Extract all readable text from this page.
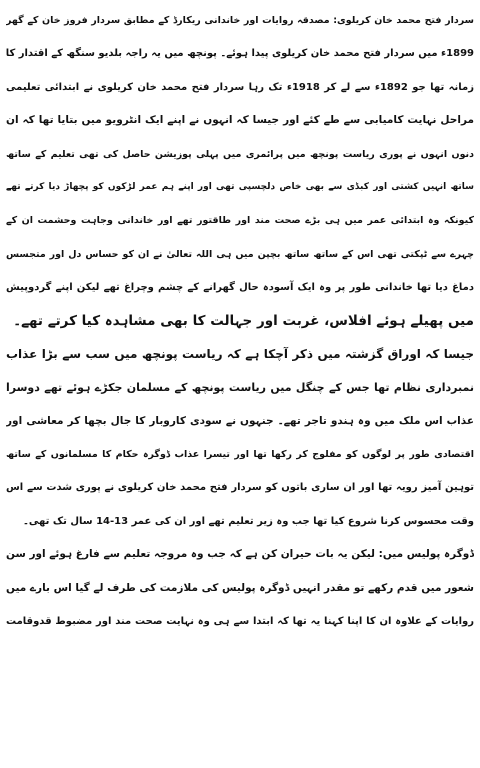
سردار فتح محمد خان کریلوی: مصدقہ روایات اور خاندانی ریکارڈ کے مطابق سردار فروز خان کے گھر
1899ء میں سردار فتح محمد خان کریلوی پیدا ہوئے۔ پونچھ میں یہ راجہ بلدیو سنگھ کے اقتدار کا
زمانہ تھا جو 1892ء سے لے کر 1918ء تک رہا سردار فتح محمد خان کریلوی نے ابتدائی تعلیمی
مراحل نہایت کامیابی سے طے کئے اور جیسا کہ انہوں نے اپنے ایک انٹرویو میں بتایا تھا کہ ان
دنوں انہوں نے پوری ریاست پونچھ میں پرائمری میں پہلی پوزیشن حاصل کی تھی تعلیم کے ساتھ
ساتھ انہیں کشتی اور کبڈی سے بھی خاص دلچسپی تھی اور اپنے ہم عمر لڑکوں کو پچھاڑ دیا کرتے تھے
کیونکہ وہ ابتدائی عمر میں ہی بڑے صحت مند اور طاقتور تھے اور خاندانی وجاہت وحشمت ان کے
چہرے سے ٹپکتی تھی اس کے ساتھ ساتھ بچپن میں ہی اللہ تعالیٰ نے ان کو حساس دل اور متجسس
دماغ دیا تھا خاندانی طور پر وہ ایک آسودہ حال گھرانے کے چشم وچراغ تھے لیکن اپنے گردوپیش
میں پھیلے ہوئے افلاس، غربت اور جہالت کا بھی مشاہدہ کیا کرتے تھے۔
جیسا کہ اوراق گزشتہ میں ذکر آچکا ہے کہ ریاست پونچھ میں سب سے بڑا عذاب
نمبرداری نظام تھا جس کے چنگل میں ریاست پونچھ کے مسلمان جکڑے ہوئے تھے دوسرا
عذاب اس ملک میں وہ ہندو تاجر تھے۔ جنہوں نے سودی کاروبار کا جال بچھا کر معاشی اور
اقتصادی طور پر لوگوں کو مفلوج کر رکھا تھا اور تیسرا عذاب ڈوگرہ حکام کا مسلمانوں کے ساتھ
توہین آمیز رویہ تھا اور ان ساری باتوں کو سردار فتح محمد خان کریلوی نے پوری شدت سے اس
وقت محسوس کرنا شروع کیا تھا جب وہ زیر تعلیم تھے اور ان کی عمر 13-14 سال تک تھی۔
ڈوگرہ پولیس میں: لیکن یہ بات حیران کن ہے کہ جب وہ مروجہ تعلیم سے فارغ ہوئے اور سن
شعور میں قدم رکھے تو مقدر انہیں ڈوگرہ پولیس کی ملازمت کی طرف لے گیا اس بارے میں
روایات کے علاوہ ان کا اپنا کہنا یہ تھا کہ ابتدا سے ہی وہ نہایت صحت مند اور مضبوط قدوقامت
